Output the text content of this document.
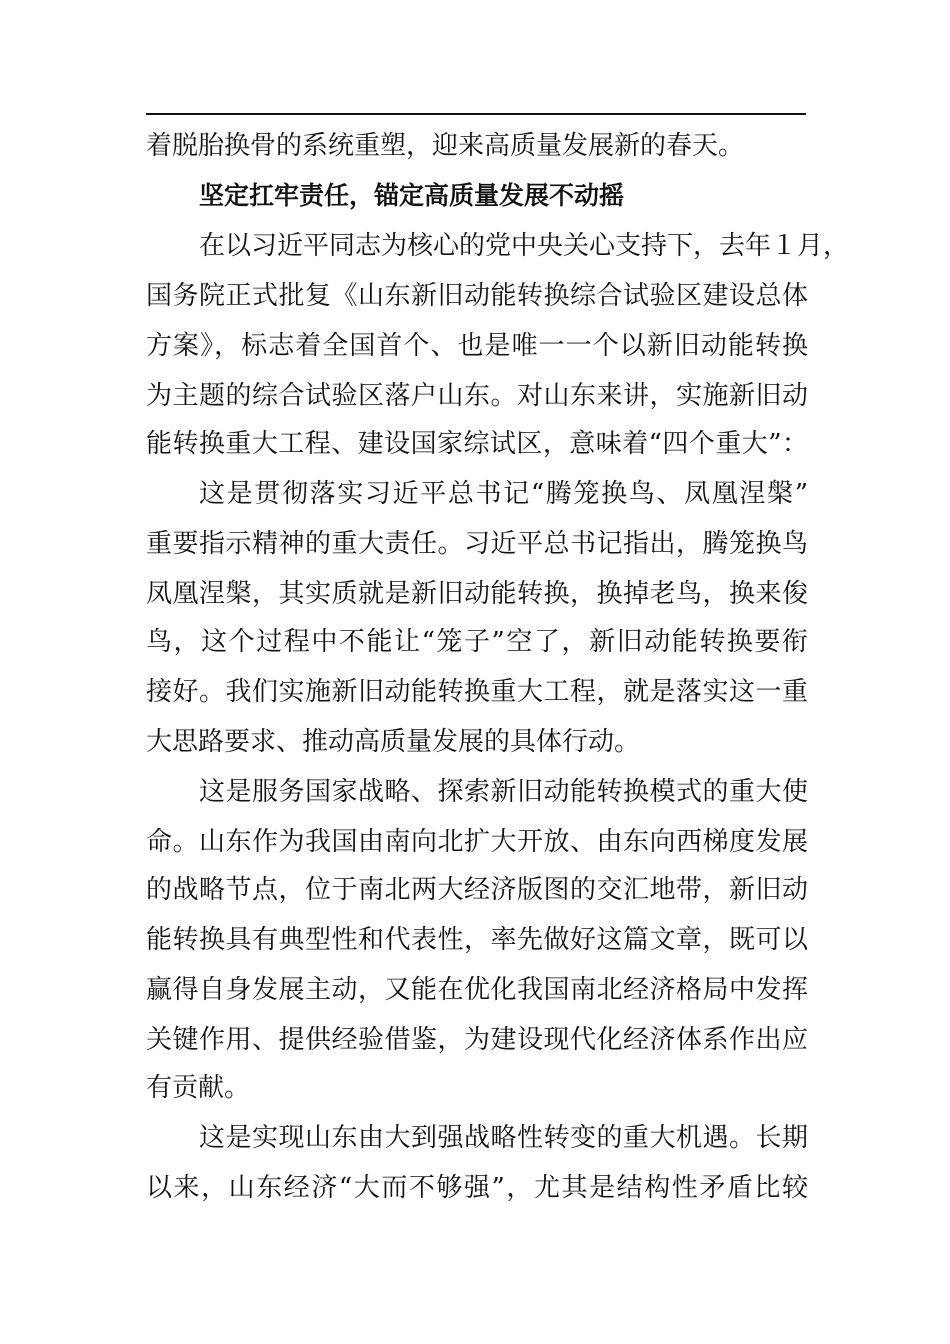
着脱胎换骨的系统重塑，迎来高质量发展新的春天。
坚定扛牢责任，锚定高质量发展不动摇
在以习近平同志为核心的党中央关心支持下，去年１月，
国务院正式批复《山东新旧动能转换综合试验区建设总体
方案》，标志着全国首个、也是唯一一个以新旧动能转换
为主题的综合试验区落户山东。对山东来讲，实施新旧动
能转换重大工程、建设国家综试区，意味着“四个重大”：
这是贯彻落实习近平总书记“腾笼换鸟、凤凰涅槃”
重要指示精神的重大责任。习近平总书记指出，腾笼换鸟
凤凰涅槃，其实质就是新旧动能转换，换掉老鸟，换来俊
鸟，这个过程中不能让“笼子”空了，新旧动能转换要衔
接好。我们实施新旧动能转换重大工程，就是落实这一重
大思路要求、推动高质量发展的具体行动。
这是服务国家战略、探索新旧动能转换模式的重大使
命。山东作为我国由南向北扩大开放、由东向西梯度发展
的战略节点，位于南北两大经济版图的交汇地带，新旧动
能转换具有典型性和代表性，率先做好这篇文章，既可以
赢得自身发展主动，又能在优化我国南北经济格局中发挥
关键作用、提供经验借鉴，为建设现代化经济体系作出应
有贡献。
这是实现山东由大到强战略性转变的重大机遇。长期
以来，山东经济“大而不够强”，尤其是结构性矛盾比较
